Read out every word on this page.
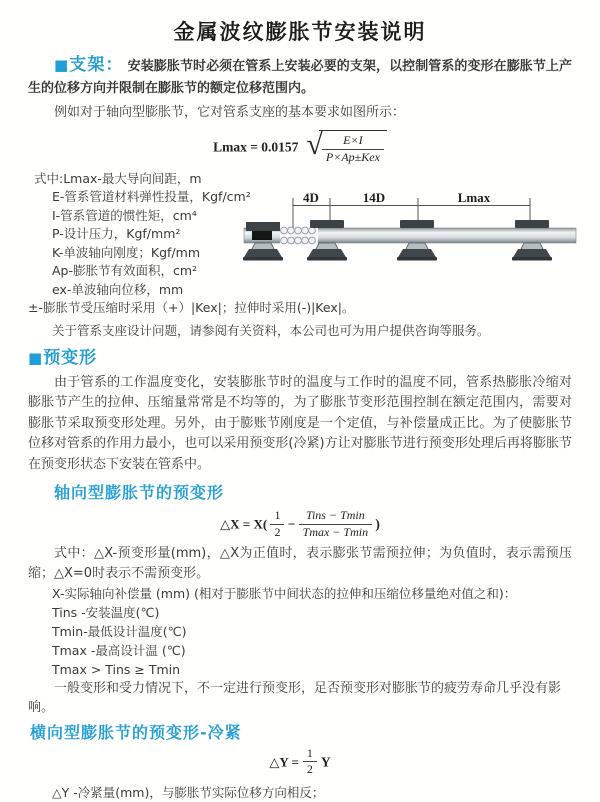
金属波纹膨胀节安装说明

■支架： 安装膨胀节时必须在管系上安装必要的支架，以控制管系的变形在膨胀节上产生的位移方向并限制在膨胀节的额定位移范围内。

例如对于轴向型膨胀节，它对管系支座的基本要求如图所示：

Lmax = 0.0157 √ $\frac{E\times I}{\text{P×Ap±Kex}}$
式中:Lmax-最大导向间距，m
E-管系管道材料弹性投量，Kgf/cm²
I-管系管道的惯性矩，cm⁴
P-设计压力，Kgf/mm²
K-单波轴向刚度；Kgf/mm
Ap-膨胀节有效面积，cm²
ex-单波轴向位移，mm
±-膨胀节受压缩时采用（+）|Kex|；拉伸时采用(-)|Kex|。
关于管系支座设计问题，请参阅有关资料，本公司也可为用户提供咨询等服务。
4D	14D	Lmax

■预变形

由于管系的工作温度变化，安装膨胀节时的温度与工作时的温度不同，管系热膨胀冷缩对膨胀节产生的拉伸、压缩量常常是不均等的，为了膨胀节变形范围控制在额定范围内，需要对膨胀节采取预变形处理。另外，由于膨账节刚度是一个定值，与补偿量成正比。为了使膨胀节位移对管系的作用力最小，也可以采用预变形(冷紧)方让对膨胀节进行预变形处理后再将膨胀节在预变形状态下安装在管系中。

轴向型膨胀节的预变形
△X = $X( \frac{1}{2} - \frac{\text{Tins − Tmin}}{Tmax - Tmin}$ )

式中：△X-预变形量(mm)，△X为正值时，表示膨张节需预拉伸；为负值时，表示需预压缩；△X=0时表示不需预变形。

X-实际轴向补偿量 (mm) (相对于膨胀节中间状态的拉伸和压缩位移量绝对值之和)：
Tins -安装温度(℃)
Tmin-最低设计温度(℃)
Tmax -最高设计温 (℃)
Tmax > Tins ≥ Tmin

一般变形和受力情况下，不一定进行预变形，足否预变形对膨胀节的疲劳寿命几乎没有影响。

横向型膨胀节的预变形-冷紧
△Y = $\frac{1}{2}$ Y

△Y -冷紧量(mm)，与膨胀节实际位移方向相反；
